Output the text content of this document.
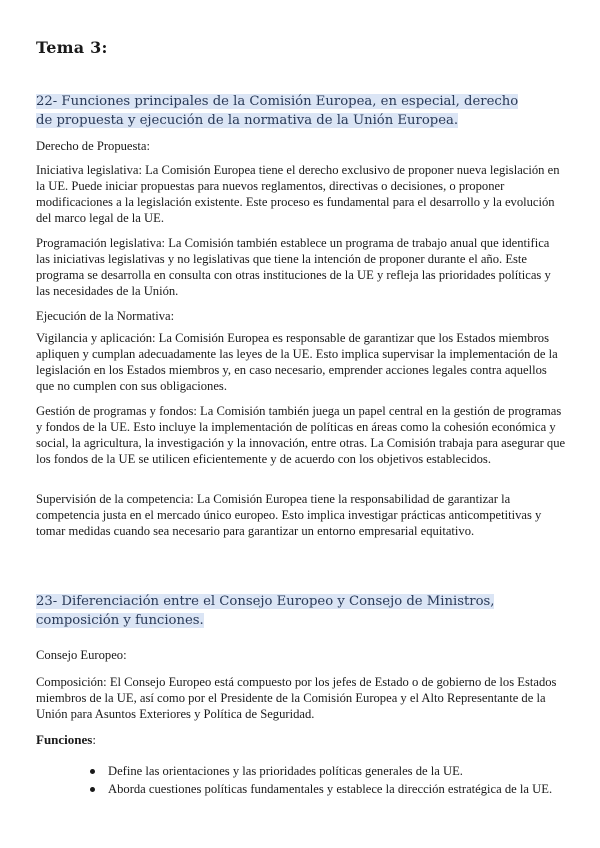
Tema 3:

22- Funciones principales de la Comisión Europea, en especial, derecho de propuesta y ejecución de la normativa de la Unión Europea.

Derecho de Propuesta:

Iniciativa legislativa: La Comisión Europea tiene el derecho exclusivo de proponer nueva legislación en la UE. Puede iniciar propuestas para nuevos reglamentos, directivas o decisiones, o proponer modificaciones a la legislación existente. Este proceso es fundamental para el desarrollo y la evolución del marco legal de la UE.

Programación legislativa: La Comisión también establece un programa de trabajo anual que identifica las iniciativas legislativas y no legislativas que tiene la intención de proponer durante el año. Este programa se desarrolla en consulta con otras instituciones de la UE y refleja las prioridades políticas y las necesidades de la Unión.

Ejecución de la Normativa:

Vigilancia y aplicación: La Comisión Europea es responsable de garantizar que los Estados miembros apliquen y cumplan adecuadamente las leyes de la UE. Esto implica supervisar la implementación de la legislación en los Estados miembros y, en caso necesario, emprender acciones legales contra aquellos que no cumplen con sus obligaciones.

Gestión de programas y fondos: La Comisión también juega un papel central en la gestión de programas y fondos de la UE. Esto incluye la implementación de políticas en áreas como la cohesión económica y social, la agricultura, la investigación y la innovación, entre otras. La Comisión trabaja para asegurar que los fondos de la UE se utilicen eficientemente y de acuerdo con los objetivos establecidos.

Supervisión de la competencia: La Comisión Europea tiene la responsabilidad de garantizar la competencia justa en el mercado único europeo. Esto implica investigar prácticas anticompetitivas y tomar medidas cuando sea necesario para garantizar un entorno empresarial equitativo.

23- Diferenciación entre el Consejo Europeo y Consejo de Ministros, composición y funciones.

Consejo Europeo:

Composición: El Consejo Europeo está compuesto por los jefes de Estado o de gobierno de los Estados miembros de la UE, así como por el Presidente de la Comisión Europea y el Alto Representante de la Unión para Asuntos Exteriores y Política de Seguridad.

Funciones:

Define las orientaciones y las prioridades políticas generales de la UE.
Aborda cuestiones políticas fundamentales y establece la dirección estratégica de la UE.
